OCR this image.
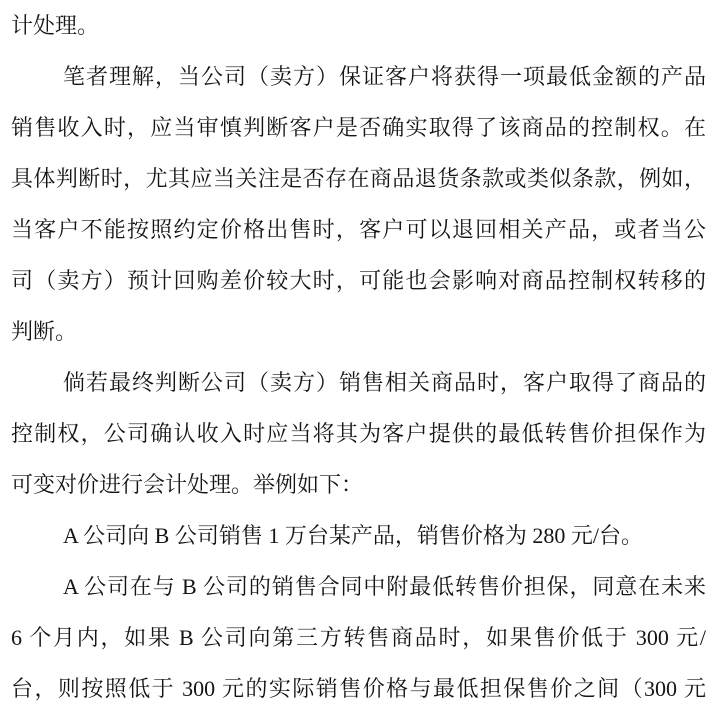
计处理。
笔者理解，当公司（卖方）保证客户将获得一项最低金额的产品
销售收入时，应当审慎判断客户是否确实取得了该商品的控制权。在
具体判断时，尤其应当关注是否存在商品退货条款或类似条款，例如，
当客户不能按照约定价格出售时，客户可以退回相关产品，或者当公
司（卖方）预计回购差价较大时，可能也会影响对商品控制权转移的
判断。
倘若最终判断公司（卖方）销售相关商品时，客户取得了商品的
控制权，公司确认收入时应当将其为客户提供的最低转售价担保作为
可变对价进行会计处理。举例如下：
A 公司向 B 公司销售 1 万台某产品，销售价格为 280 元/台。
A 公司在与 B 公司的销售合同中附最低转售价担保，同意在未来
6 个月内，如果 B 公司向第三方转售商品时，如果售价低于 300 元/
台，则按照低于 300 元的实际销售价格与最低担保售价之间（300 元
